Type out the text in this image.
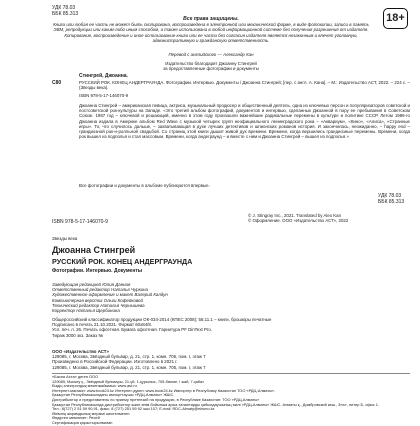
УДК 78.03
ББК 85.313	18+
Все права защищены.
Книга или любая ее часть не может быть скопирована, воспроизведена в электронной или механической форме, в виде фотокопии, записи в память ЭВМ, репродукции или каким-либо иным способом, а также использована в любой информационной системе без получения разрешения от издателя.
Копирование, воспроизведение и иное использование книги или ее части без согласия издателя является незаконным и влечет уголовную, административную и гражданскую ответственность.
Перевод с английского — Александр Кан
Издательство благодарит Джоанну Стингрей
за предоставленные фотографии и документы
С80
Стингрей, Джоанна.
РУССКИЙ РОК. КОНЕЦ АНДЕРГРАУНДА. Фотографии. Интервью. Документы / Джоанна Стингрей; [пер. с англ. А. Кана]. – М.: Издательство АСТ, 2022. – 224 с. – (Звезды века).
ISBN 978-5-17-146070-9
Джоанна Стингрей – американская певица, актриса, музыкальный продюсер и общественный деятель, одна из ключевых персон и популяризаторов советской и постсоветской рок-культуры на Западе. «Это третий альбом фотографий, документов и интервью, сделанных Джоанной в пору ее пребывания в Советском Союзе. 1987 год – ключевой и решающий, именно в этом году произошли важнейшие радикальные перемены в культуре и политике СССР. Летом 1986-го Джоанна издала в Америке альбом Red Wave с музыкой четырех групп неофициального ленинградского рока – «Аквариум», «Кино», «Алиса», «Странные игры». То, что случилось дальше, – захватывающая в духе лучших детективов и шпионских романов история. И закончилась, неожиданно, – happy end – грандиозной рок-н-ролльной свадьбой. Со страниц этой книги дышит живой дух времени. Времени, когда вершились грандиозные перемены. Времени, когда рок вышел из подполья и стал массовым. Времени, когда андеграунд – и вместе с ним и Джоанна Стингрей – вышел из подполья.»
Все фотографии и документы в альбоме публикуются впервые.
УДК 78.03
ББК 85.313
ISBN 978-5-17-146070-9
© J. Stingray Inc., 2021. Translated by Alex Kan
© Оформление. ООО «Издательство АСТ», 2022
Звезды века
Джоанна Стингрей
РУССКИЙ РОК. КОНЕЦ АНДЕРГРАУНДА
Фотографии. Интервью. Документы
Заведующая редакцией Юлия Данная
Ответственный редактор Наталья Чуркина
Художественное оформление и макет Валерий Калдун
Компьютерная верстка Ольги Кофейковой
Технический редактор Наталья Чернышева
Корректор Наталья Щербинина
Общероссийский классификатор продукции ОК-034-2014 (КПЕС 2008); 58.11.1 – книги, брошюры печатные
Подписано в печать 21.10.2021. Формат 60x84/8.
Усл. печ. л. 26. Печать офсетная. Бумага офсетная. Гарнитура PF DinText Pro.
Тираж 3000 экз. Заказ №
ООО «Издательство АСТ»
129085, г. Москва, Звёздный бульвар, д. 21, стр. 1, комн. 705, пом. I, этаж 7
Произведено в Российской Федерации. Изготовлено в 2021 г.
129085, г. Москва, Звёздный бульвар, д. 21, стр. 1, комн. 705, пом. I, этаж 7
«Баспа Аста» деген ООО
129085, Мәскеу қ., Звёздный бульвары, 21-үй, 1-құрылыс, 705-бөлме, I жай, 7-қабат.
Біздің электрондық мекенжайымыз: www.ast.ru
Интернет-магазин: www.book24.kz Интернет-дүкен: www.book24.kz Импортер в Республику Казахстан ТОО «РДЦ-Алматы».
Қазақстан Республикасындағы импорттаушы «РДЦ-Алматы» ЖШС.
Дистрибьютор и представитель по приему претензий на продукцию, в Республике Казахстан: ТОО «РДЦ-Алматы»
Қазақстан Республикасында дистрибьютор және өнім бойынша арыз-талаптарды қабылдаушының өкілі «РДЦ-Алматы» ЖШС, Алматы қ., Домбровский көш., 3«а», литер Б, офис 1.
Тел.: 8(727) 2 51 59 90,91, факс: 8 (727) 251 59 92 ішкі 107; E-mail: RDC-Almaty@eksmo.kz
Өнімнің жарамдылық мерзімі шектелмеген.
Өндірген мемлекет: Ресей
Сертификация қарастырылмаған
